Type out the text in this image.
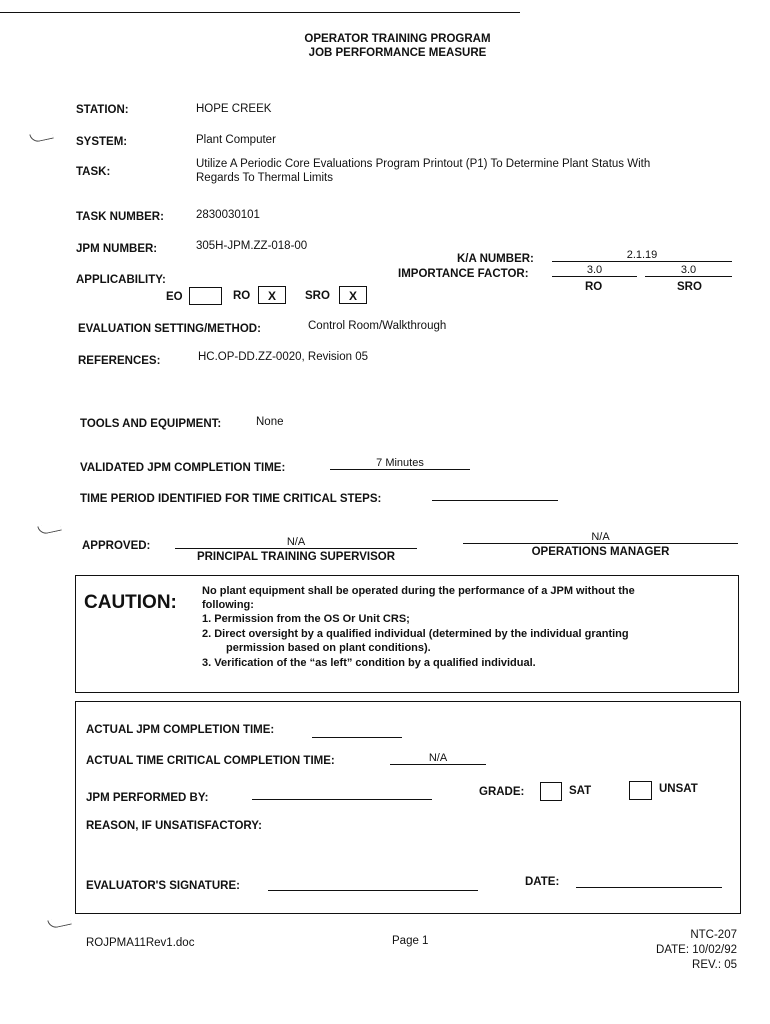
OPERATOR TRAINING PROGRAM
JOB PERFORMANCE MEASURE
STATION:	HOPE CREEK
SYSTEM:	Plant Computer
TASK:
Utilize A Periodic Core Evaluations Program Printout (P1) To Determine Plant Status With
Regards To Thermal Limits
TASK NUMBER:	2830030101
JPM NUMBER:	305H-JPM.ZZ-018-00
K/A NUMBER:	2.1.19
IMPORTANCE FACTOR:	3.0	3.0
RO	SRO
APPLICABILITY:
EO	RO	X	SRO	X
EVALUATION SETTING/METHOD:	Control Room/Walkthrough
REFERENCES:	HC.OP-DD.ZZ-0020, Revision 05
TOOLS AND EQUIPMENT:	None
VALIDATED JPM COMPLETION TIME:	7 Minutes
TIME PERIOD IDENTIFIED FOR TIME CRITICAL STEPS:
APPROVED:	N/A
PRINCIPAL TRAINING SUPERVISOR
N/A
OPERATIONS MANAGER
CAUTION:
No plant equipment shall be operated during the performance of a JPM without the
following:
1. Permission from the OS Or Unit CRS;
2. Direct oversight by a qualified individual (determined by the individual granting
permission based on plant conditions).
3. Verification of the “as left” condition by a qualified individual.
ACTUAL JPM COMPLETION TIME:
ACTUAL TIME CRITICAL COMPLETION TIME:	N/A
JPM PERFORMED BY:	GRADE:	SAT	UNSAT
REASON, IF UNSATISFACTORY:
EVALUATOR'S SIGNATURE:	DATE:
ROJPMA11Rev1.doc	Page 1	NTC-207
DATE: 10/02/92
REV.: 05
